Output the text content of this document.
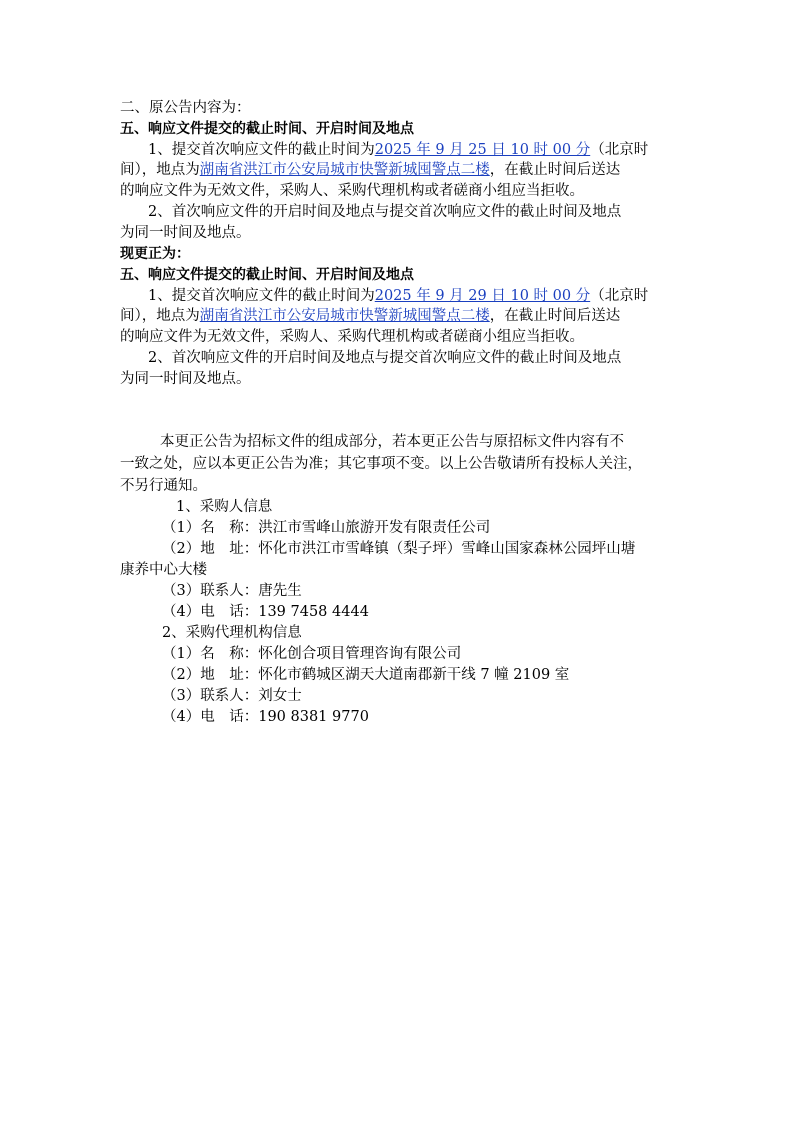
二、原公告内容为：
五、响应文件提交的截止时间、开启时间及地点
1、提交首次响应文件的截止时间为2025 年 9 月 25 日 10 时 00 分（北京时
间），地点为湖南省洪江市公安局城市快警新城囤警点二楼，在截止时间后送达
的响应文件为无效文件，采购人、采购代理机构或者磋商小组应当拒收。
2、首次响应文件的开启时间及地点与提交首次响应文件的截止时间及地点
为同一时间及地点。
现更正为：
五、响应文件提交的截止时间、开启时间及地点
1、提交首次响应文件的截止时间为2025 年 9 月 29 日 10 时 00 分（北京时
间），地点为湖南省洪江市公安局城市快警新城囤警点二楼，在截止时间后送达
的响应文件为无效文件，采购人、采购代理机构或者磋商小组应当拒收。
2、首次响应文件的开启时间及地点与提交首次响应文件的截止时间及地点
为同一时间及地点。
本更正公告为招标文件的组成部分，若本更正公告与原招标文件内容有不
一致之处，应以本更正公告为准；其它事项不变。以上公告敬请所有投标人关注，
不另行通知。
1、采购人信息
（1）名　称：洪江市雪峰山旅游开发有限责任公司
（2）地　址：怀化市洪江市雪峰镇（梨子坪）雪峰山国家森林公园坪山塘
康养中心大楼
（3）联系人：唐先生
（4）电　话：139 7458 4444
2、采购代理机构信息
（1）名　称：怀化创合项目管理咨询有限公司
（2）地　址：怀化市鹤城区湖天大道南郡新干线 7 幢 2109 室
（3）联系人：刘女士
（4）电　话：190 8381 9770
